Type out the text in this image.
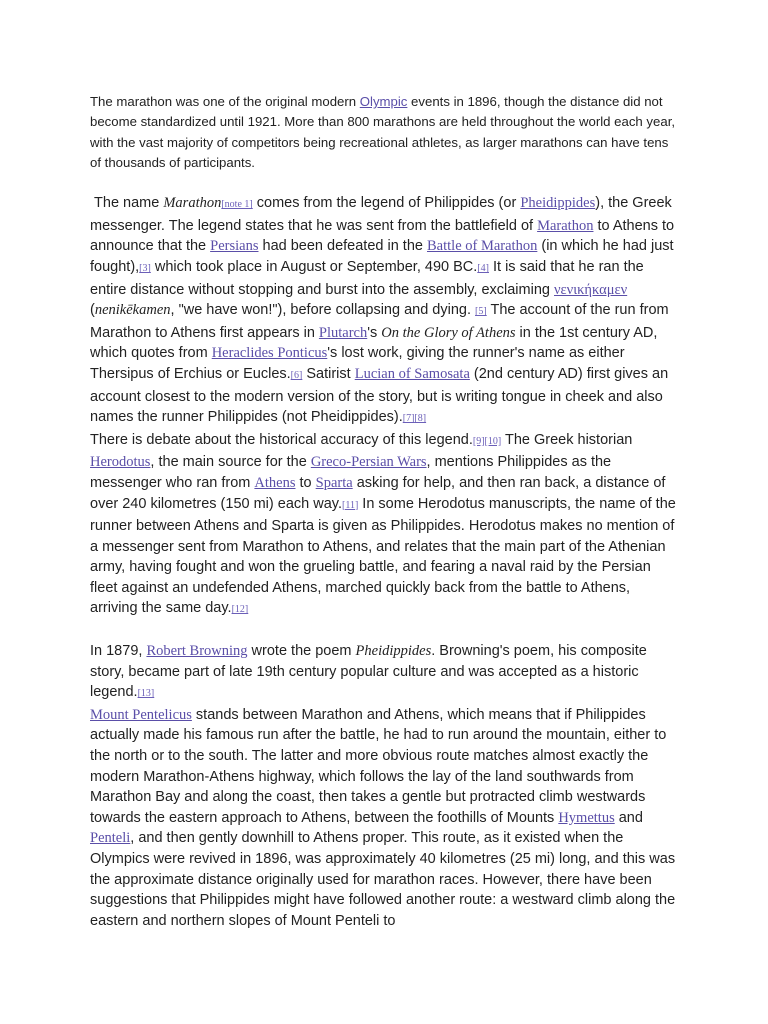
The marathon was one of the original modern Olympic events in 1896, though the distance did not become standardized until 1921. More than 800 marathons are held throughout the world each year, with the vast majority of competitors being recreational athletes, as larger marathons can have tens of thousands of participants.

The name Marathon[note 1] comes from the legend of Philippides (or Pheidippides), the Greek messenger. The legend states that he was sent from the battlefield of Marathon to Athens to announce that the Persians had been defeated in the Battle of Marathon (in which he had just fought),[3] which took place in August or September, 490 BC.[4] It is said that he ran the entire distance without stopping and burst into the assembly, exclaiming νενικήκαμεν (nenikēkamen, "we have won!"), before collapsing and dying. [5] The account of the run from Marathon to Athens first appears in Plutarch's On the Glory of Athens in the 1st century AD, which quotes from Heraclides Ponticus's lost work, giving the runner's name as either Thersipus of Erchius or Eucles.[6] Satirist Lucian of Samosata (2nd century AD) first gives an account closest to the modern version of the story, but is writing tongue in cheek and also names the runner Philippides (not Pheidippides).[7][8]

There is debate about the historical accuracy of this legend.[9][10] The Greek historian Herodotus, the main source for the Greco-Persian Wars, mentions Philippides as the messenger who ran from Athens to Sparta asking for help, and then ran back, a distance of over 240 kilometres (150 mi) each way.[11] In some Herodotus manuscripts, the name of the runner between Athens and Sparta is given as Philippides. Herodotus makes no mention of a messenger sent from Marathon to Athens, and relates that the main part of the Athenian army, having fought and won the grueling battle, and fearing a naval raid by the Persian fleet against an undefended Athens, marched quickly back from the battle to Athens, arriving the same day.[12]

In 1879, Robert Browning wrote the poem Pheidippides. Browning's poem, his composite story, became part of late 19th century popular culture and was accepted as a historic legend.[13]

Mount Pentelicus stands between Marathon and Athens, which means that if Philippides actually made his famous run after the battle, he had to run around the mountain, either to the north or to the south. The latter and more obvious route matches almost exactly the modern Marathon-Athens highway, which follows the lay of the land southwards from Marathon Bay and along the coast, then takes a gentle but protracted climb westwards towards the eastern approach to Athens, between the foothills of Mounts Hymettus and Penteli, and then gently downhill to Athens proper. This route, as it existed when the Olympics were revived in 1896, was approximately 40 kilometres (25 mi) long, and this was the approximate distance originally used for marathon races. However, there have been suggestions that Philippides might have followed another route: a westward climb along the eastern and northern slopes of Mount Penteli to
